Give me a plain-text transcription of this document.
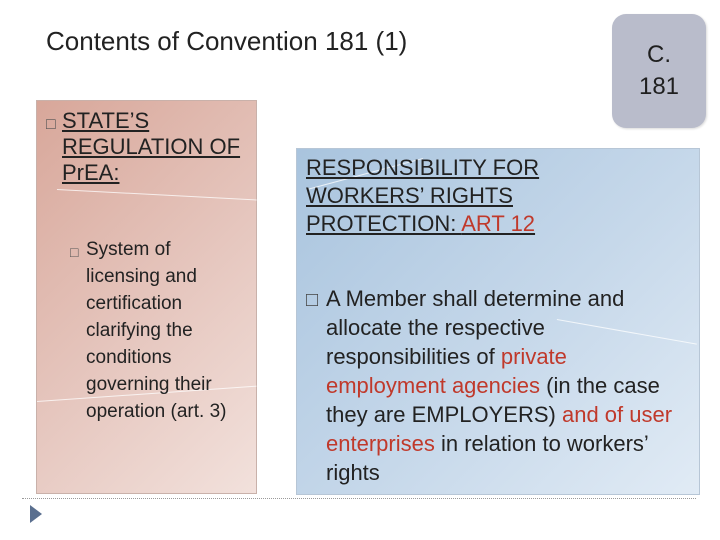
Contents of Convention 181 (1)	C.
181
□ STATE’S REGULATION OF PrEA:
□ System of licensing and certification clarifying the conditions governing their operation (art. 3)
RESPONSIBILITY FOR WORKERS’ RIGHTS PROTECTION: ART 12
□ A Member shall determine and allocate the respective responsibilities of private employment agencies (in the case they are EMPLOYERS) and of user enterprises in relation to workers’ rights
